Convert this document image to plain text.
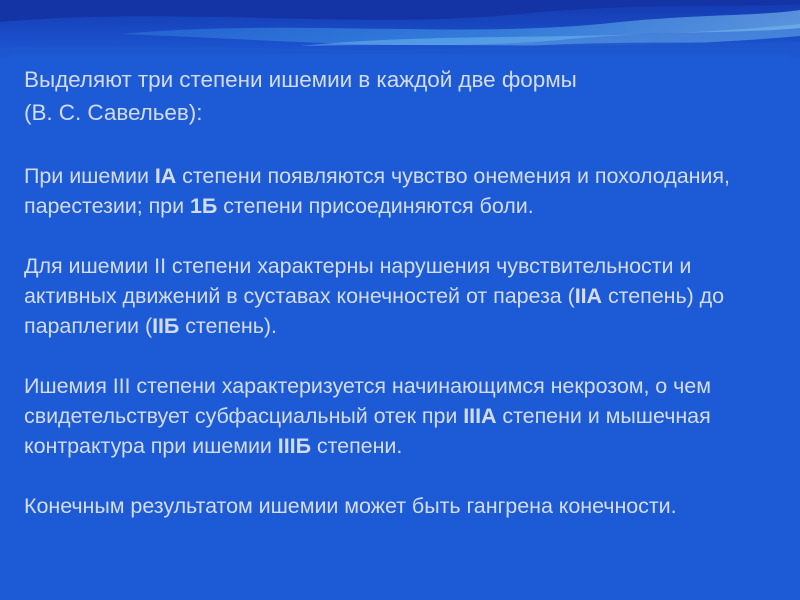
Выделяют три степени ишемии в каждой две формы
(В. С. Савельев):

При ишемии IA степени появляются чувство онемения и похолодания, парестезии; при 1Б степени присоединяются боли.

Для ишемии II степени характерны нарушения чувствительности и активных движений в суставах конечностей от пареза (IIА степень) до параплегии (IIБ степень).

Ишемия III степени характеризуется начинающимся некрозом, о чем свидетельствует субфасциальный отек при IIIА степени и мышечная контрактура при ишемии IIIБ степени.

Конечным результатом ишемии может быть гангрена конечности.
